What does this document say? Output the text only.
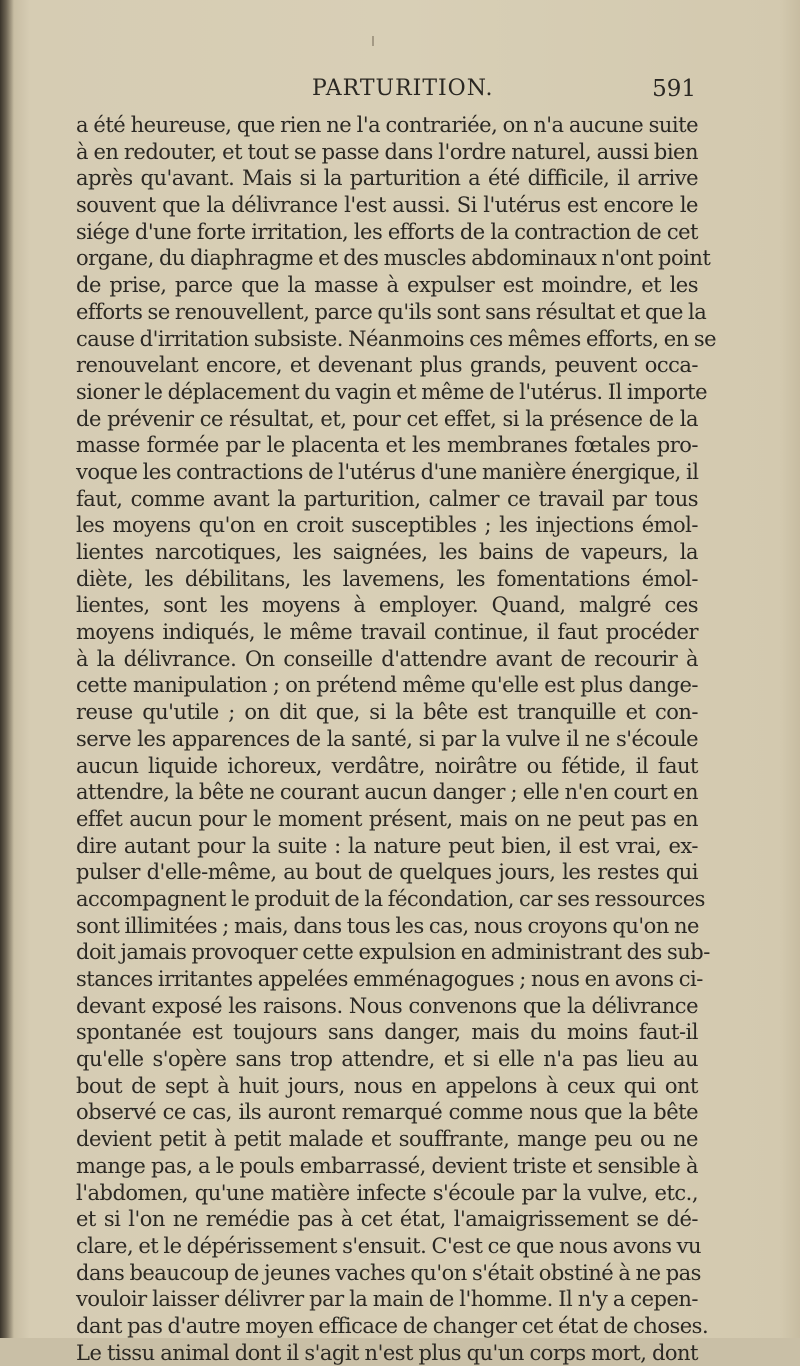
PARTURITION.	591
a été heureuse, que rien ne l'a contrariée, on n'a aucune suite
à en redouter, et tout se passe dans l'ordre naturel, aussi bien
après qu'avant. Mais si la parturition a été difficile, il arrive
souvent que la délivrance l'est aussi. Si l'utérus est encore le
siége d'une forte irritation, les efforts de la contraction de cet
organe, du diaphragme et des muscles abdominaux n'ont point
de prise, parce que la masse à expulser est moindre, et les
efforts se renouvellent, parce qu'ils sont sans résultat et que la
cause d'irritation subsiste. Néanmoins ces mêmes efforts, en se
renouvelant encore, et devenant plus grands, peuvent occa-
sioner le déplacement du vagin et même de l'utérus. Il importe
de prévenir ce résultat, et, pour cet effet, si la présence de la
masse formée par le placenta et les membranes fœtales pro-
voque les contractions de l'utérus d'une manière énergique, il
faut, comme avant la parturition, calmer ce travail par tous
les moyens qu'on en croit susceptibles ; les injections émol-
lientes narcotiques, les saignées, les bains de vapeurs, la
diète, les débilitans, les lavemens, les fomentations émol-
lientes, sont les moyens à employer. Quand, malgré ces
moyens indiqués, le même travail continue, il faut procéder
à la délivrance. On conseille d'attendre avant de recourir à
cette manipulation ; on prétend même qu'elle est plus dange-
reuse qu'utile ; on dit que, si la bête est tranquille et con-
serve les apparences de la santé, si par la vulve il ne s'écoule
aucun liquide ichoreux, verdâtre, noirâtre ou fétide, il faut
attendre, la bête ne courant aucun danger ; elle n'en court en
effet aucun pour le moment présent, mais on ne peut pas en
dire autant pour la suite : la nature peut bien, il est vrai, ex-
pulser d'elle-même, au bout de quelques jours, les restes qui
accompagnent le produit de la fécondation, car ses ressources
sont illimitées ; mais, dans tous les cas, nous croyons qu'on ne
doit jamais provoquer cette expulsion en administrant des sub-
stances irritantes appelées emménagogues ; nous en avons ci-
devant exposé les raisons. Nous convenons que la délivrance
spontanée est toujours sans danger, mais du moins faut-il
qu'elle s'opère sans trop attendre, et si elle n'a pas lieu au
bout de sept à huit jours, nous en appelons à ceux qui ont
observé ce cas, ils auront remarqué comme nous que la bête
devient petit à petit malade et souffrante, mange peu ou ne
mange pas, a le pouls embarrassé, devient triste et sensible à
l'abdomen, qu'une matière infecte s'écoule par la vulve, etc.,
et si l'on ne remédie pas à cet état, l'amaigrissement se dé-
clare, et le dépérissement s'ensuit. C'est ce que nous avons vu
dans beaucoup de jeunes vaches qu'on s'était obstiné à ne pas
vouloir laisser délivrer par la main de l'homme. Il n'y a cepen-
dant pas d'autre moyen efficace de changer cet état de choses.
Le tissu animal dont il s'agit n'est plus qu'un corps mort, dont
